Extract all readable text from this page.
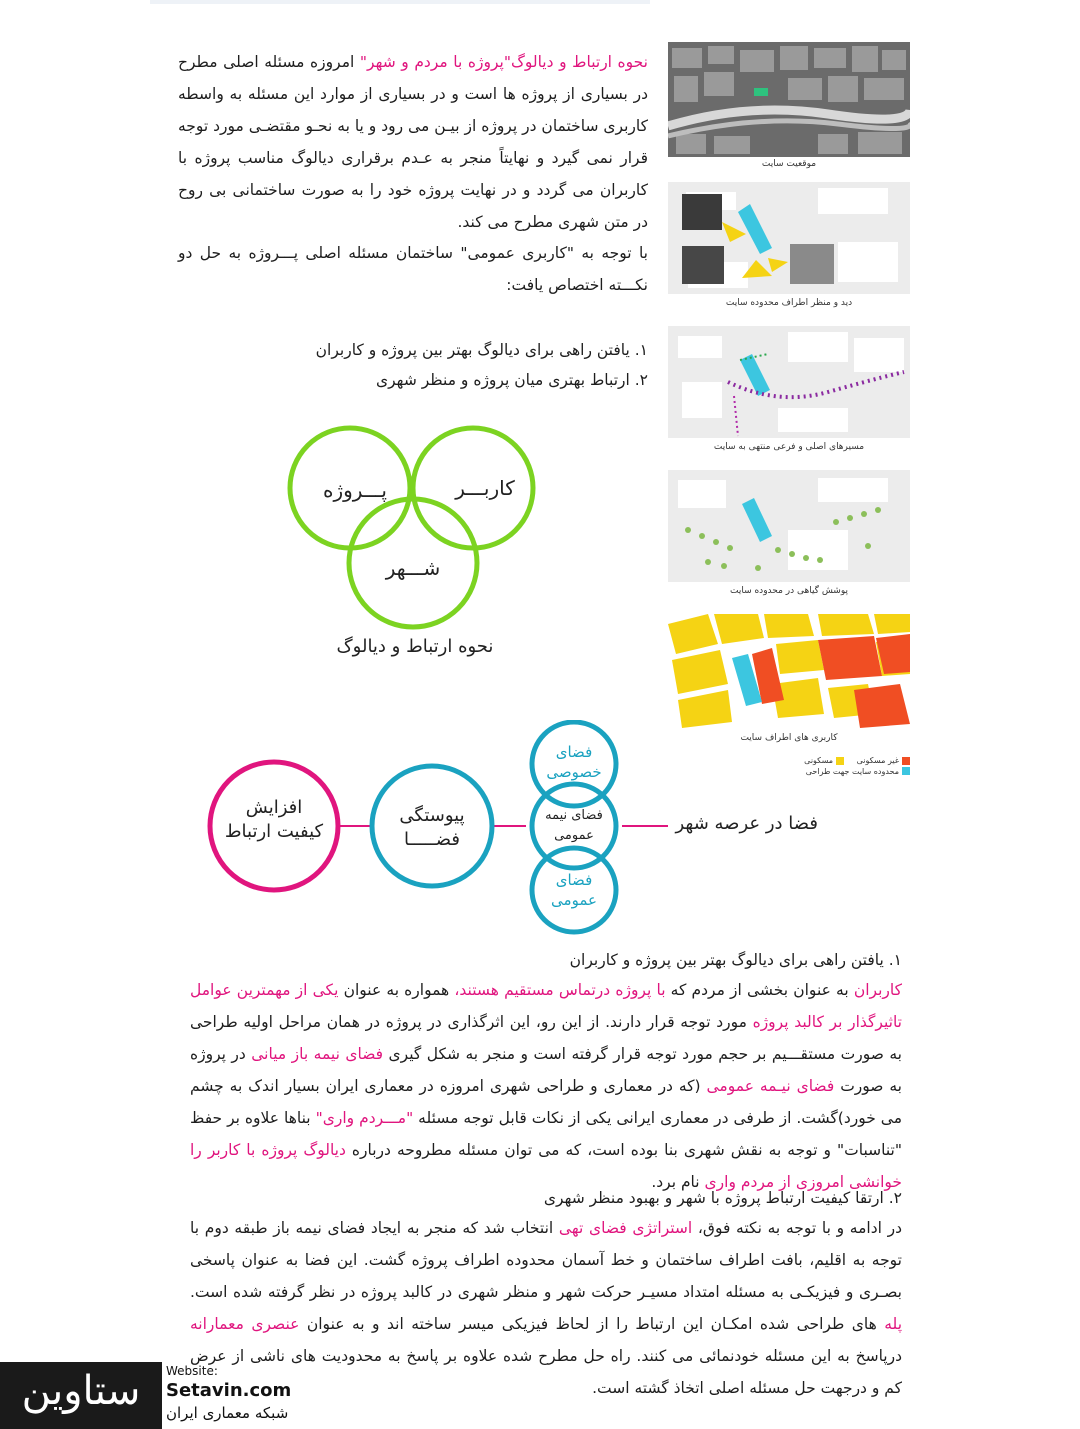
نحوه ارتباط و دیالوگ"پروژه با مردم و شهر" امروزه مسئله اصلی مطرح در بسیاری از پروژه ها است و در بسیاری از موارد این مسئله به واسطه کاربری ساختمان در پروژه از بیـن می رود و یا به نحـو مقتضـی مورد توجه قرار نمی گیرد و نهایتاً منجر به عـدم برقراری دیالوگ مناسب پروژه با کاربران می گردد و در نهایت پروژه خود را به صورت ساختمانی بی روح در متن شهری مطرح می کند.
با توجه به "کاربری عمومی" ساختمان مسئله اصلی پـــروژه به حل دو نکـــته اختصاص یافت:
۱. یافتن راهی برای دیالوگ بهتر بین پروژه و کاربران
۲. ارتباط بهتری میان پروژه و منظر شهری
پـــروژه	کاربـــر
شـــهر
نحوه ارتباط و دیالوگ
موقعیت سایت
دید و منظر اطراف محدوده سایت
مسیرهای اصلی و فرعی منتهی به سایت
پوشش گیاهی در محدوده سایت
کاربری های اطراف سایت
غیر مسکونی

مسکونی

محدوده سایت جهت طراحی
فضا در عرصه شهر
فضای خصوصی
فضای نیمه عمومی
فضای عمومی
پیوستگی
فضـــــا
افزایش
کیفیت ارتباط
۱. یافتن راهی برای دیالوگ بهتر بین پروژه و کاربران
کاربران به عنوان بخشی از مردم که با پروژه درتماس مستقیم هستند، همواره به عنوان یکی از مهمترین عوامل تاثیرگذار بر کالبد پروژه مورد توجه قرار دارند. از این رو، این اثرگذاری در پروژه در همان مراحل اولیه طراحی به صورت مستقـــیم بر حجم مورد توجه قرار گرفته است و منجر به شکل گیری فضای نیمه باز میانی در پروژه به صورت فضای نیـمه عمومی (که در معماری و طراحی شهری امروزه در معماری ایران بسیار اندک به چشم می خورد)گشت. از طرفی در معماری ایرانی یکی از نکات قابل توجه مسئله "مـــردم واری" بناها علاوه بر حفظ "تناسبات" و توجه به نقش شهری بنا بوده است، که می توان مسئله مطروحه درباره دیالوگ پروژه با کاربر را خوانشی امروزی از مردم واری نام برد.
۲. ارتقا کیفیت ارتباط پروژه با شهر و بهبود منظر شهری
در ادامه و با توجه به نکته فوق، استراتژی فضای تهی انتخاب شد که منجر به ایجاد فضای نیمه باز طبقه دوم با توجه به اقلیم، بافت اطراف ساختمان و خط آسمان محدوده اطراف پروژه گشت. این فضا به عنوان پاسخی بصـری و فیزیکـی به مسئله امتداد مسیـر حرکت شهر و منظر شهری در کالبد پروژه در نظر گرفته شده است. پله های طراحی شده امکـان این ارتباط را از لحاظ فیزیکی میسر ساخته اند و به عنوان عنصری معمارانه درپاسخ به این مسئله خودنمائی می کنند. راه حل مطرح شده علاوه بر پاسخ به محدودیت های ناشی از عرض کم و درجهت حل مسئله اصلی اتخاذ گشته است.
ستاوین	Website:
Setavin.com
شبکه معماری ایران
